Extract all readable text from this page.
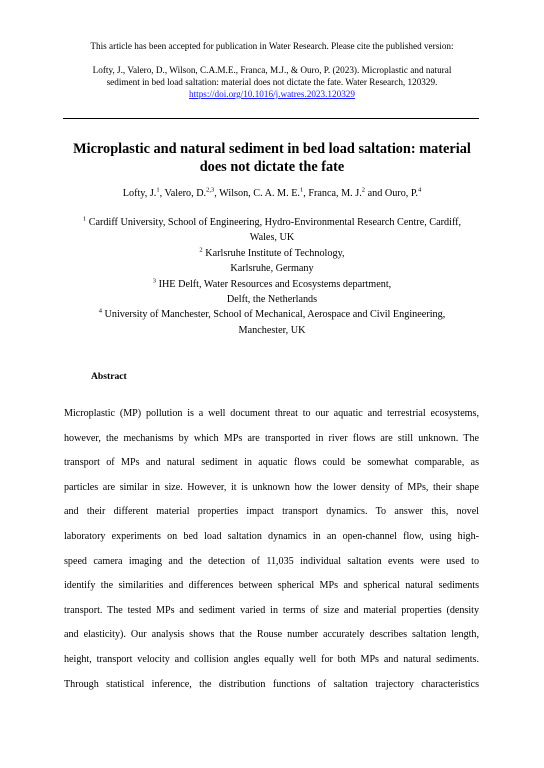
This article has been accepted for publication in Water Research. Please cite the published version:
Lofty, J., Valero, D., Wilson, C.A.M.E., Franca, M.J., & Ouro, P. (2023). Microplastic and natural
sediment in bed load saltation: material does not dictate the fate. Water Research, 120329.
https://doi.org/10.1016/j.watres.2023.120329
Microplastic and natural sediment in bed load saltation: material
does not dictate the fate
Lofty, J.$^1$, Valero, D.$^{2,3}$, Wilson, C. A. M. E.$^1$, Franca, M. J.$^2$ and Ouro, P.$^4$
$^1$ Cardiff University, School of Engineering, Hydro-Environmental Research Centre, Cardiff,
Wales, UK
$^2$ Karlsruhe Institute of Technology,
Karlsruhe, Germany
$^3$ IHE Delft, Water Resources and Ecosystems department,
Delft, the Netherlands
$^4$ University of Manchester, School of Mechanical, Aerospace and Civil Engineering,
Manchester, UK
Abstract
Microplastic (MP) pollution is a well document threat to our aquatic and terrestrial ecosystems,
however, the mechanisms by which MPs are transported in river flows are still unknown. The
transport of MPs and natural sediment in aquatic flows could be somewhat comparable, as
particles are similar in size. However, it is unknown how the lower density of MPs, their shape
and their different material properties impact transport dynamics. To answer this, novel
laboratory experiments on bed load saltation dynamics in an open-channel flow, using high-
speed camera imaging and the detection of 11,035 individual saltation events were used to
identify the similarities and differences between spherical MPs and spherical natural sediments
transport. The tested MPs and sediment varied in terms of size and material properties (density
and elasticity). Our analysis shows that the Rouse number accurately describes saltation length,
height, transport velocity and collision angles equally well for both MPs and natural sediments.
Through statistical inference, the distribution functions of saltation trajectory characteristics
